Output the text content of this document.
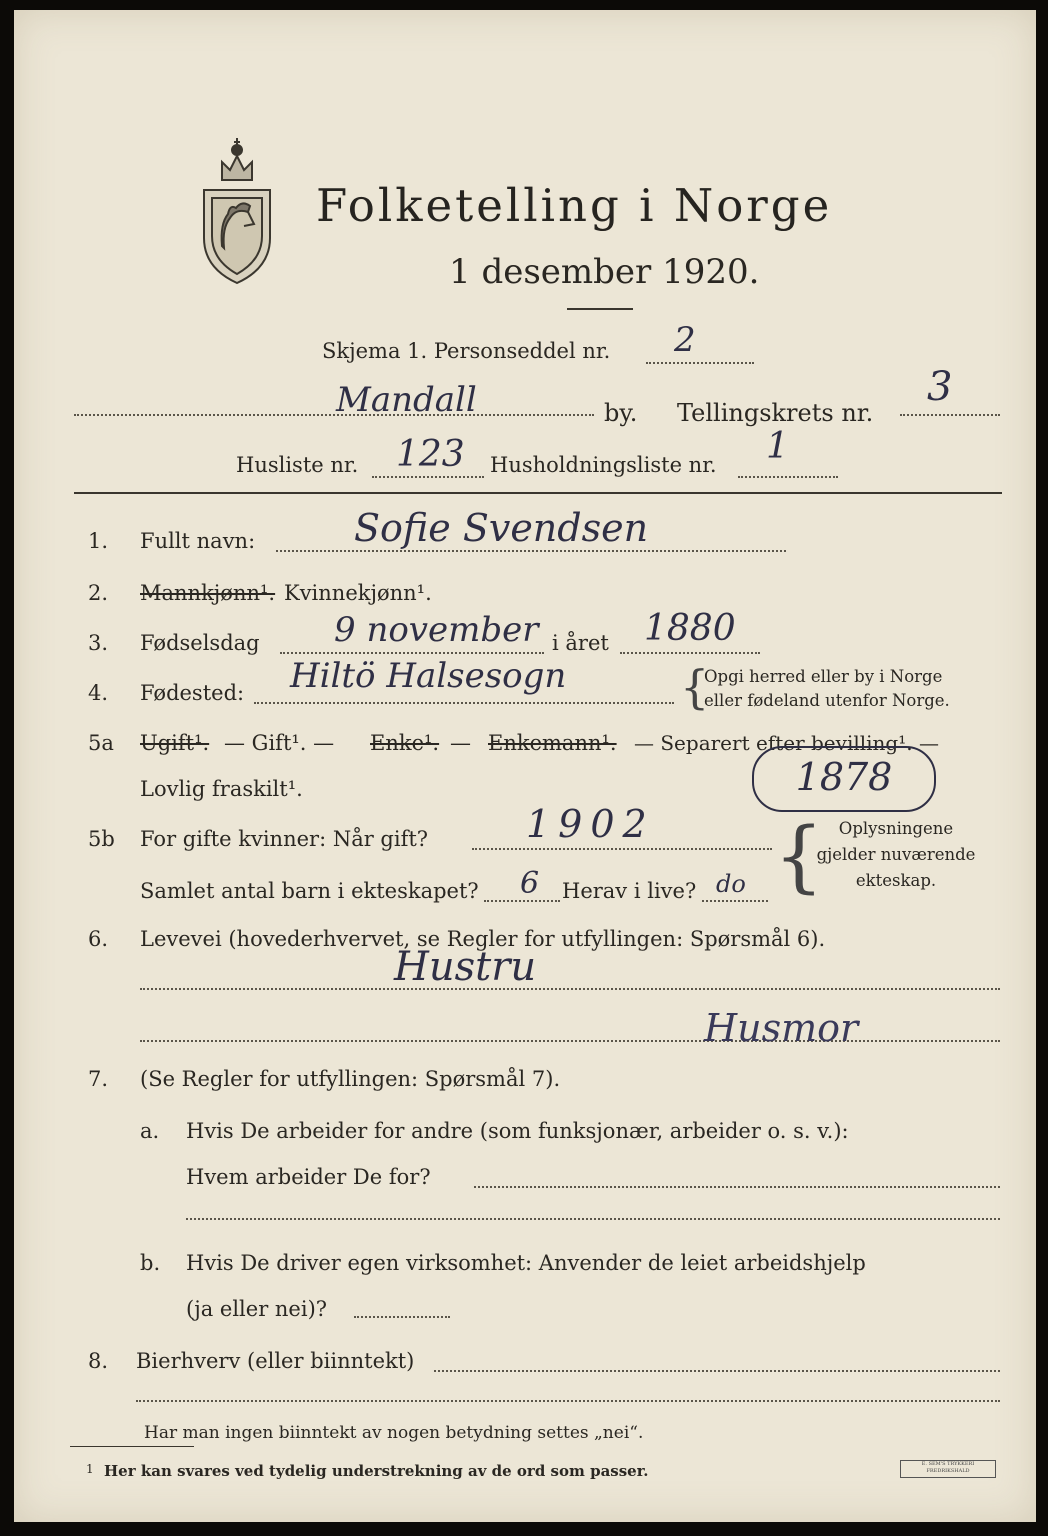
Folketelling i Norge
1 desember 1920.
Skjema 1. Personseddel nr. 2
Mandall	by. Tellingskrets nr.
3
Husliste nr. 123 Husholdningsliste nr. 1
1. Fullt navn:	Sofie Svendsen
2. Mannkjønn¹. Kvinnekjønn¹.
3. Fødselsdag 9 november i året 1880
4. Fødested: Hiltö Halsesogn {
Opgi herred eller by i Norge
eller fødeland utenfor Norge.
5a Ugift¹. — Gift¹. — Enke¹. — Enkemann¹. — Separert efter bevilling¹. —
Lovlig fraskilt¹.	1878
5b For gifte kvinner: Når gift?	1902
Samlet antal barn i ekteskapet? 6 Herav i live? do { Oplysningene
gjelder nuværende
ekteskap.
6. Levevei (hovederhvervet, se Regler for utfyllingen: Spørsmål 6).
Hustru
Husmor
7. (Se Regler for utfyllingen: Spørsmål 7).
a. Hvis De arbeider for andre (som funksjonær, arbeider o. s. v.):
Hvem arbeider De for?
b. Hvis De driver egen virksomhet: Anvender de leiet arbeidshjelp
(ja eller nei)?
8. Bierhverv (eller biinntekt)
Har man ingen biinntekt av nogen betydning settes „nei“.
1 Her kan svares ved tydelig understrekning av de ord som passer.	E. SEM'S TRYKKERI FREDRIKSHALD
